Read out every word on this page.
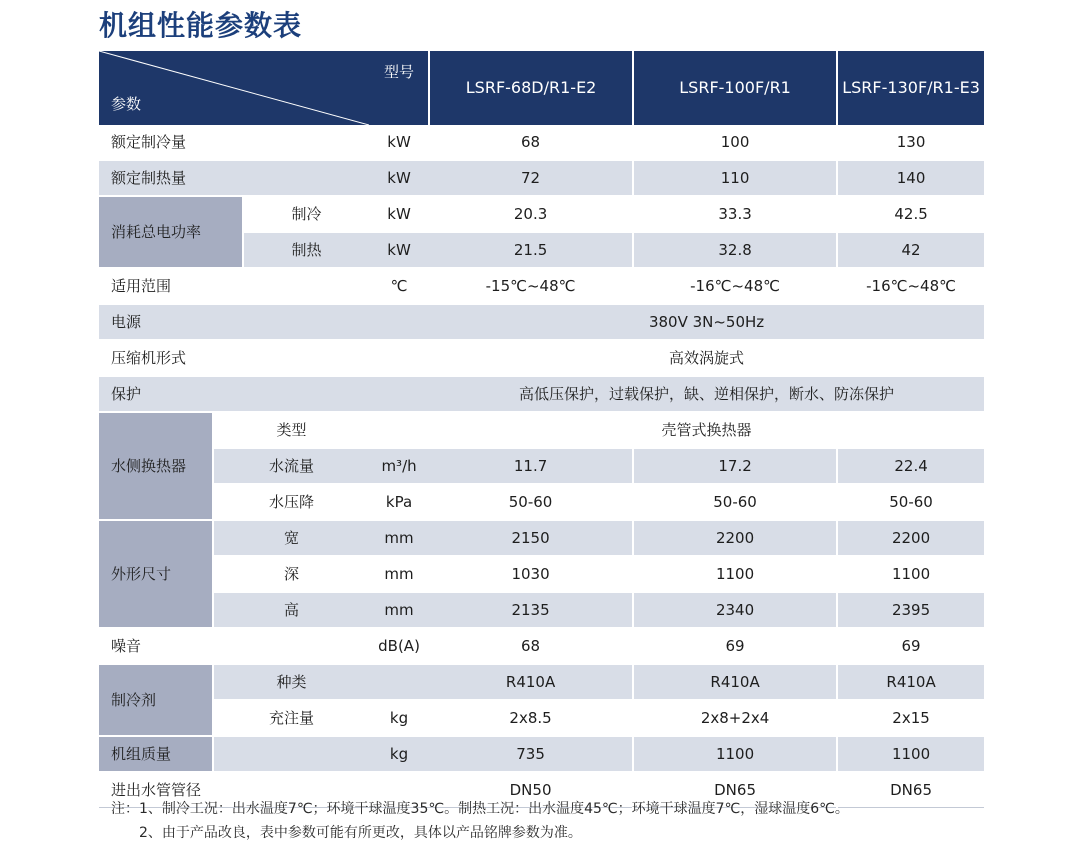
机组性能参数表
型号
参数				LSRF-68D/R1-E2	LSRF-100F/R1	LSRF-130F/R1-E3
额定制冷量			kW	68	100	130
额定制热量			kW	72	110	140
消耗总电功率		制冷	kW	20.3	33.3	42.5
		制热	kW	21.5	32.8	42
适用范围			℃	-15℃~48℃	-16℃~48℃	-16℃~48℃
电源				380V 3N~50Hz		
压缩机形式				高效涡旋式		
保护				高低压保护，过载保护，缺、逆相保护，断水、防冻保护		
水侧换热器	类型			壳管式换热器		
	水流量		m³/h	11.7	17.2	22.4
	水压降		kPa	50-60	50-60	50-60
外形尺寸	宽		mm	2150	2200	2200
	深		mm	1030	1100	1100
	高		mm	2135	2340	2395
噪音			dB(A)	68	69	69
制冷剂	种类			R410A	R410A	R410A
	充注量		kg	2x8.5	2x8+2x4	2x15
机组质量			kg	735	1100	1100
进出水管管径				DN50	DN65	DN65
注：1、制冷工况：出水温度7℃；环境干球温度35℃。制热工况：出水温度45℃；环境干球温度7℃，湿球温度6℃。
2、由于产品改良，表中参数可能有所更改，具体以产品铭牌参数为准。
